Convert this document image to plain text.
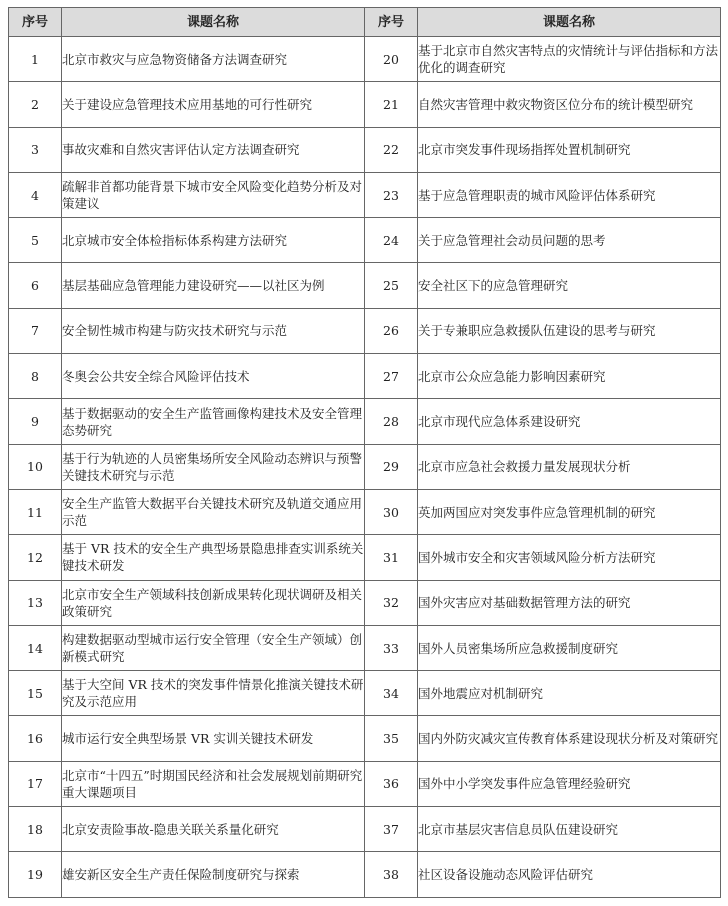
序号	课题名称	序号	课题名称
1	北京市救灾与应急物资储备方法调查研究	20	基于北京市自然灾害特点的灾情统计与评估指标和方法优化的调查研究
2	关于建设应急管理技术应用基地的可行性研究	21	自然灾害管理中救灾物资区位分布的统计模型研究
3	事故灾难和自然灾害评估认定方法调查研究	22	北京市突发事件现场指挥处置机制研究
4	疏解非首都功能背景下城市安全风险变化趋势分析及对策建议	23	基于应急管理职责的城市风险评估体系研究
5	北京城市安全体检指标体系构建方法研究	24	关于应急管理社会动员问题的思考
6	基层基础应急管理能力建设研究——以社区为例	25	安全社区下的应急管理研究
7	安全韧性城市构建与防灾技术研究与示范	26	关于专兼职应急救援队伍建设的思考与研究
8	冬奥会公共安全综合风险评估技术	27	北京市公众应急能力影响因素研究
9	基于数据驱动的安全生产监管画像构建技术及安全管理态势研究	28	北京市现代应急体系建设研究
10	基于行为轨迹的人员密集场所安全风险动态辨识与预警关键技术研究与示范	29	北京市应急社会救援力量发展现状分析
11	安全生产监管大数据平台关键技术研究及轨道交通应用示范	30	英加两国应对突发事件应急管理机制的研究
12	基于 VR 技术的安全生产典型场景隐患排查实训系统关键技术研发	31	国外城市安全和灾害领域风险分析方法研究
13	北京市安全生产领域科技创新成果转化现状调研及相关政策研究	32	国外灾害应对基础数据管理方法的研究
14	构建数据驱动型城市运行安全管理（安全生产领域）创新模式研究	33	国外人员密集场所应急救援制度研究
15	基于大空间 VR 技术的突发事件情景化推演关键技术研究及示范应用	34	国外地震应对机制研究
16	城市运行安全典型场景 VR 实训关键技术研发	35	国内外防灾减灾宣传教育体系建设现状分析及对策研究
17	北京市“十四五”时期国民经济和社会发展规划前期研究重大课题项目	36	国外中小学突发事件应急管理经验研究
18	北京安责险事故-隐患关联关系量化研究	37	北京市基层灾害信息员队伍建设研究
19	雄安新区安全生产责任保险制度研究与探索	38	社区设备设施动态风险评估研究
